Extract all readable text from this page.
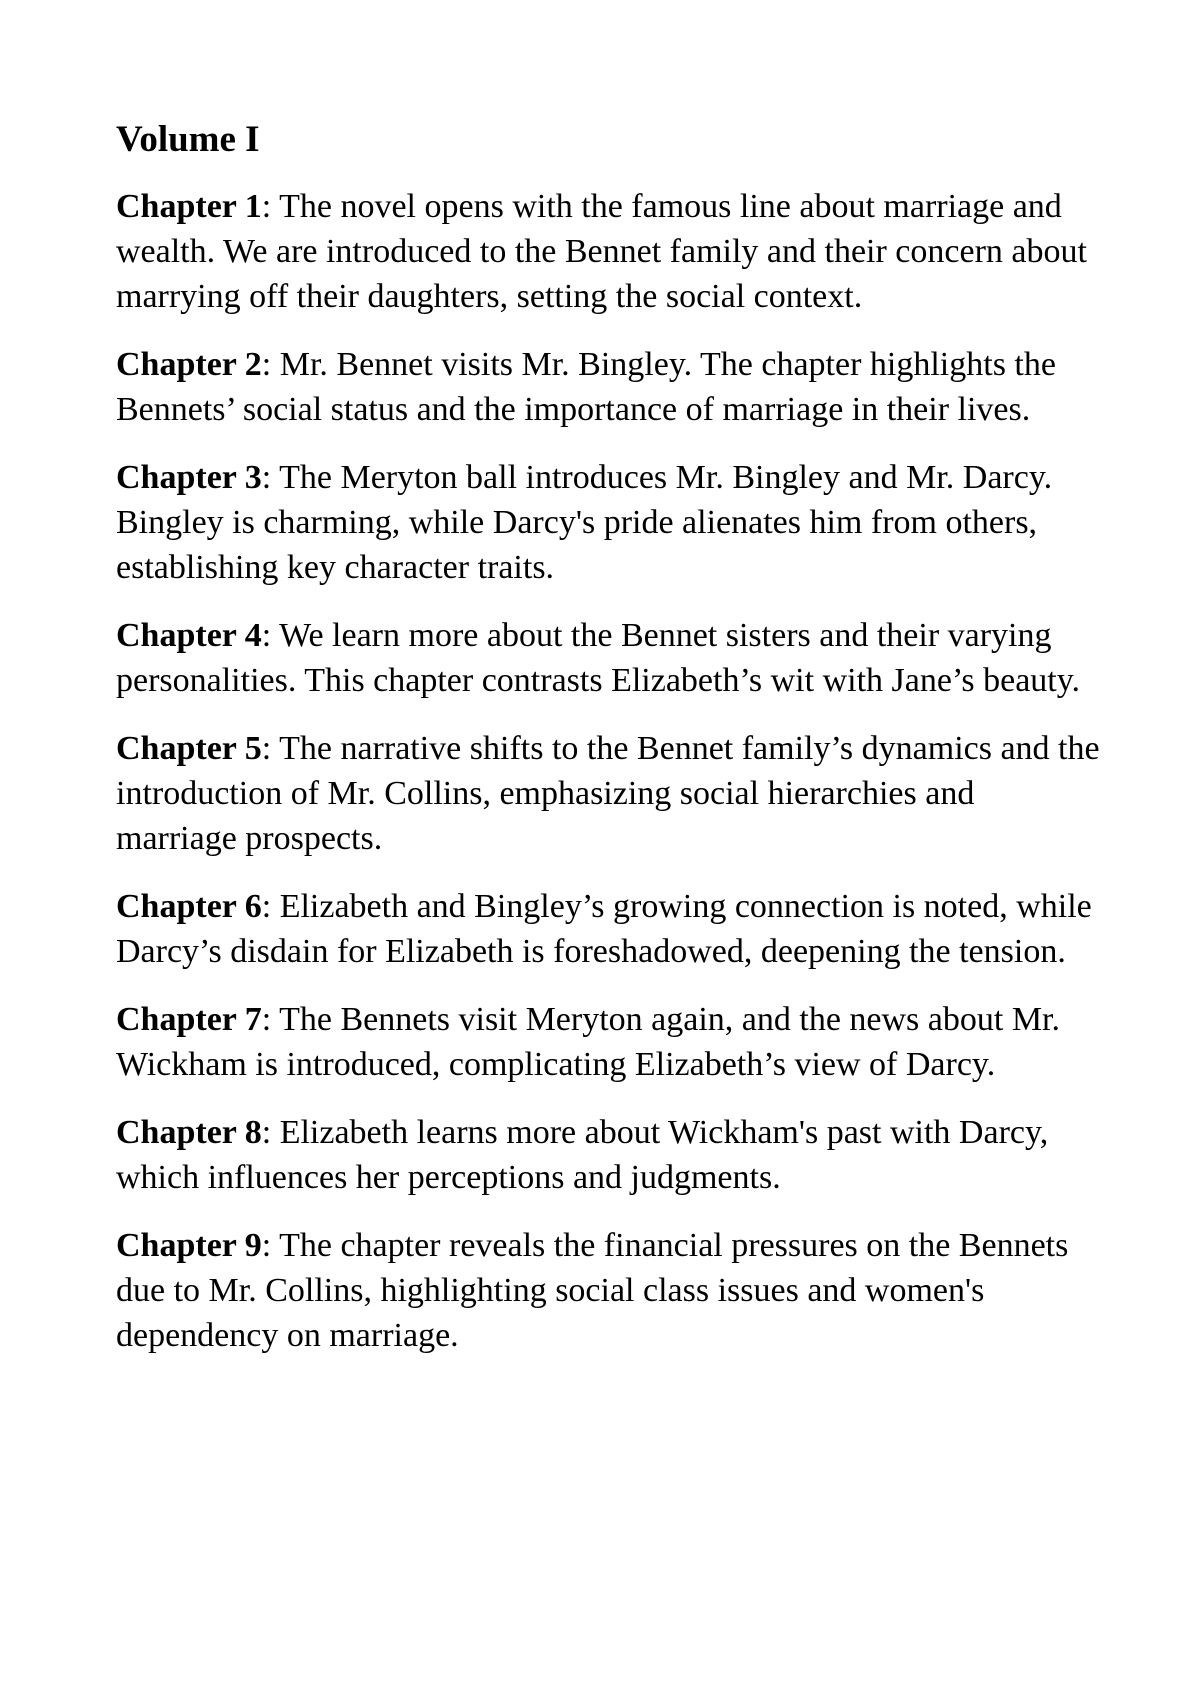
Volume I

Chapter 1: The novel opens with the famous line about marriage and wealth. We are introduced to the Bennet family and their concern about marrying off their daughters, setting the social context.

Chapter 2: Mr. Bennet visits Mr. Bingley. The chapter highlights the Bennets’ social status and the importance of marriage in their lives.

Chapter 3: The Meryton ball introduces Mr. Bingley and Mr. Darcy. Bingley is charming, while Darcy's pride alienates him from others, establishing key character traits.

Chapter 4: We learn more about the Bennet sisters and their varying personalities. This chapter contrasts Elizabeth’s wit with Jane’s beauty.

Chapter 5: The narrative shifts to the Bennet family’s dynamics and the introduction of Mr. Collins, emphasizing social hierarchies and marriage prospects.

Chapter 6: Elizabeth and Bingley’s growing connection is noted, while Darcy’s disdain for Elizabeth is foreshadowed, deepening the tension.

Chapter 7: The Bennets visit Meryton again, and the news about Mr. Wickham is introduced, complicating Elizabeth’s view of Darcy.

Chapter 8: Elizabeth learns more about Wickham's past with Darcy, which influences her perceptions and judgments.

Chapter 9: The chapter reveals the financial pressures on the Bennets due to Mr. Collins, highlighting social class issues and women's dependency on marriage.
